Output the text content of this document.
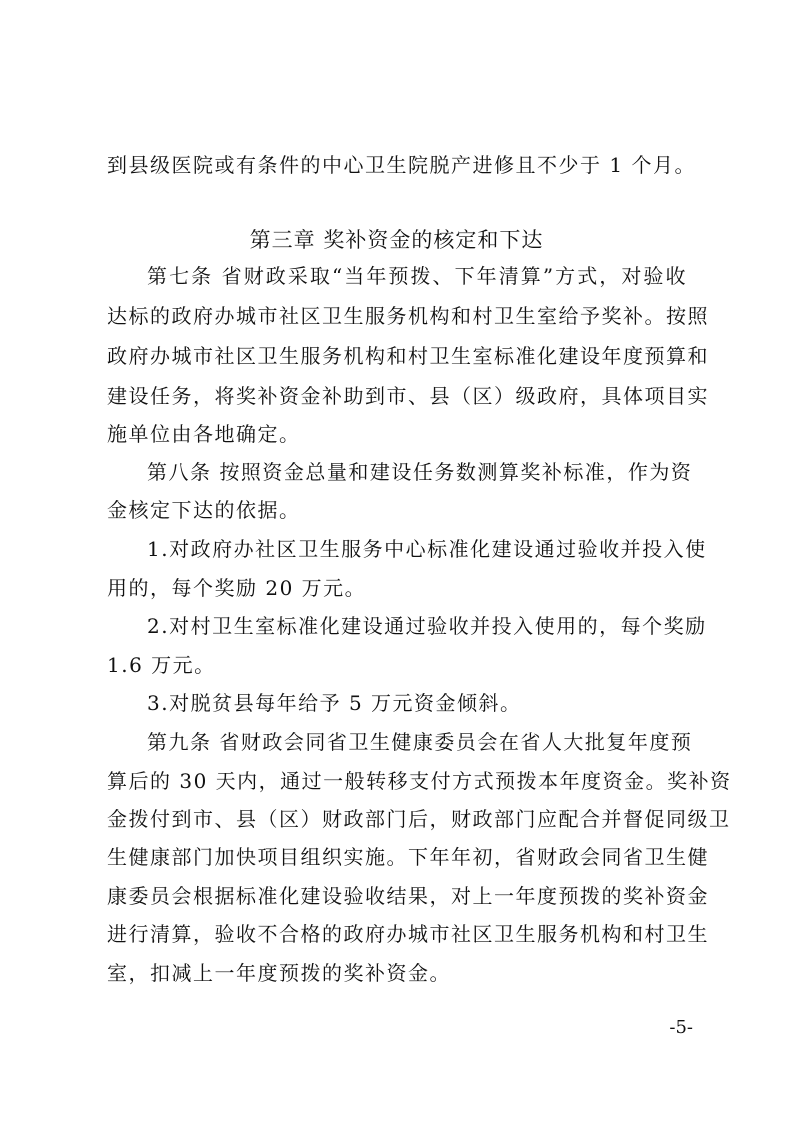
到县级医院或有条件的中心卫生院脱产进修且不少于 1 个月。
第三章 奖补资金的核定和下达
第七条 省财政采取“当年预拨、下年清算”方式，对验收
达标的政府办城市社区卫生服务机构和村卫生室给予奖补。按照
政府办城市社区卫生服务机构和村卫生室标准化建设年度预算和
建设任务，将奖补资金补助到市、县（区）级政府，具体项目实
施单位由各地确定。
第八条 按照资金总量和建设任务数测算奖补标准，作为资
金核定下达的依据。
1.对政府办社区卫生服务中心标准化建设通过验收并投入使
用的，每个奖励 20 万元。
2.对村卫生室标准化建设通过验收并投入使用的，每个奖励
1.6 万元。
3.对脱贫县每年给予 5 万元资金倾斜。
第九条 省财政会同省卫生健康委员会在省人大批复年度预
算后的 30 天内，通过一般转移支付方式预拨本年度资金。奖补资
金拨付到市、县（区）财政部门后，财政部门应配合并督促同级卫
生健康部门加快项目组织实施。下年年初，省财政会同省卫生健
康委员会根据标准化建设验收结果，对上一年度预拨的奖补资金
进行清算，验收不合格的政府办城市社区卫生服务机构和村卫生
室，扣减上一年度预拨的奖补资金。
-5-
